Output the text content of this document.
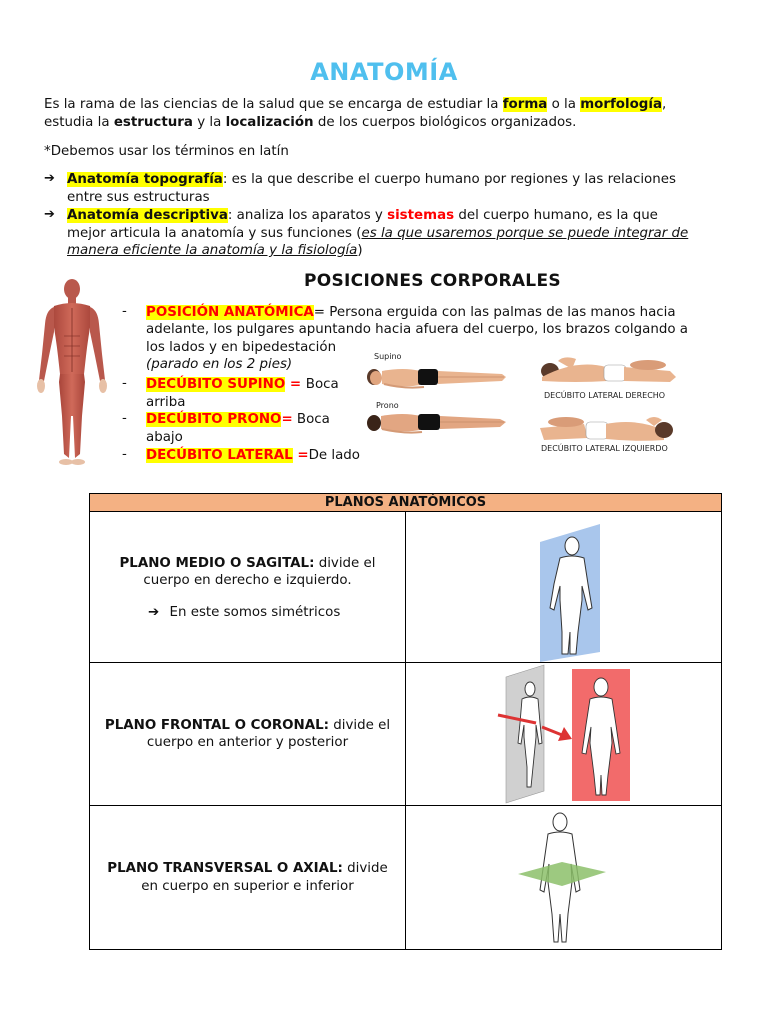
ANATOMÍA
Es la rama de las ciencias de la salud que se encarga de estudiar la forma o la morfología,
estudia la estructura y la localización de los cuerpos biológicos organizados.
*Debemos usar los términos en latín
➔ Anatomía topografía: es la que describe el cuerpo humano por regiones y las relaciones
entre sus estructuras
➔ Anatomía descriptiva: analiza los aparatos y sistemas del cuerpo humano, es la que
mejor articula la anatomía y sus funciones (es la que usaremos porque se puede integrar de
manera eficiente la anatomía y la fisiología)
POSICIONES CORPORALES
- POSICIÓN ANATÓMICA= Persona erguida con las palmas de las manos hacia
adelante, los pulgares apuntando hacia afuera del cuerpo, los brazos colgando a
los lados y en bipedestación
(parado en los 2 pies)
- DECÚBITO SUPINO = Boca
arriba
- DECÚBITO PRONO= Boca
abajo
- DECÚBITO LATERAL =De lado
Supino
Prono
DECÚBITO LATERAL DERECHO
DECÚBITO LATERAL IZQUIERDO
PLANOS ANATÓMICOS	

PLANO MEDIO O SAGITAL: divide el
cuerpo en derecho e izquierdo.
➔ En este somos simétricos

PLANO FRONTAL O CORONAL: divide el
cuerpo en anterior y posterior

PLANO TRANSVERSAL O AXIAL: divide
en cuerpo en superior e inferior
